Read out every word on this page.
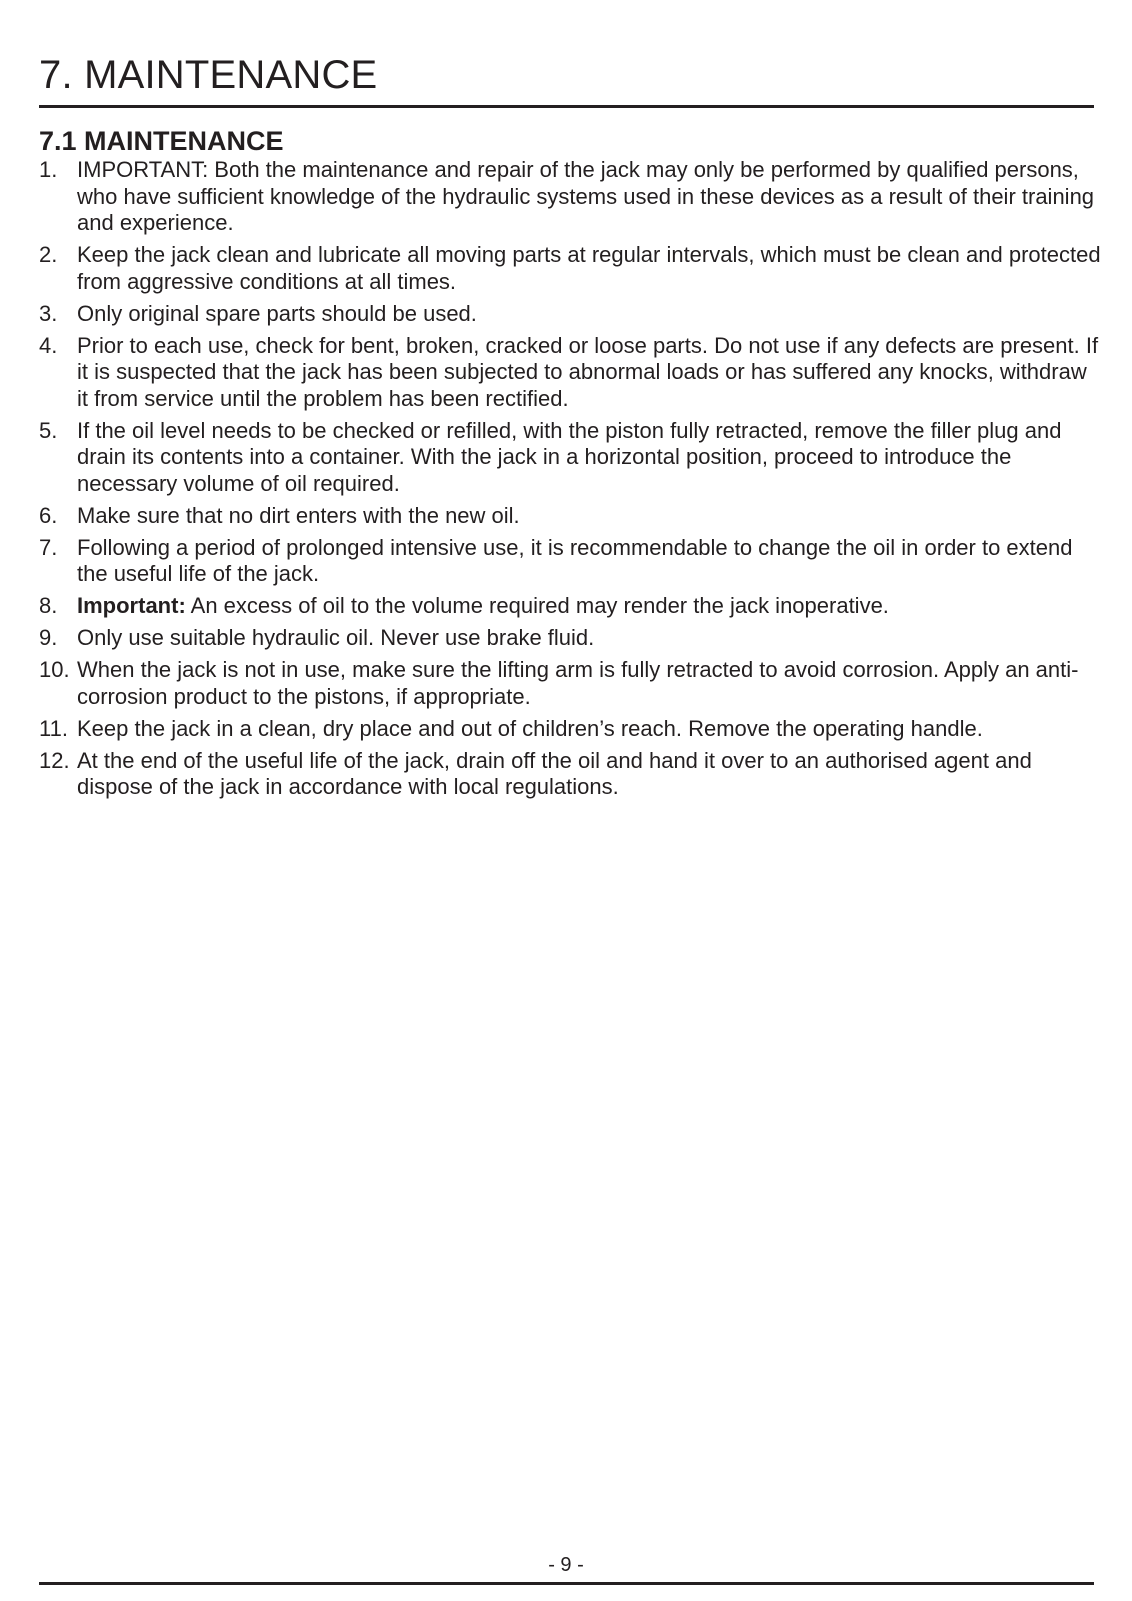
7. MAINTENANCE
7.1 MAINTENANCE
1. IMPORTANT: Both the maintenance and repair of the jack may only be performed by qualified persons, who have sufficient knowledge of the hydraulic systems used in these devices as a result of their training and experience.
2. Keep the jack clean and lubricate all moving parts at regular intervals, which must be clean and protected from aggressive conditions at all times.
3. Only original spare parts should be used.
4. Prior to each use, check for bent, broken, cracked or loose parts. Do not use if any defects are present. If it is suspected that the jack has been subjected to abnormal loads or has suffered any knocks, withdraw it from service until the problem has been rectified.
5. If the oil level needs to be checked or refilled, with the piston fully retracted, remove the filler plug and drain its contents into a container. With the jack in a horizontal position, proceed to introduce the necessary volume of oil required.
6. Make sure that no dirt enters with the new oil.
7. Following a period of prolonged intensive use, it is recommendable to change the oil in order to extend the useful life of the jack.
8. Important: An excess of oil to the volume required may render the jack inoperative.
9. Only use suitable hydraulic oil. Never use brake fluid.
10. When the jack is not in use, make sure the lifting arm is fully retracted to avoid corrosion. Apply an anti-corrosion product to the pistons, if appropriate.
11. Keep the jack in a clean, dry place and out of children’s reach. Remove the operating handle.
12. At the end of the useful life of the jack, drain off the oil and hand it over to an authorised agent and dispose of the jack in accordance with local regulations.
- 9 -
